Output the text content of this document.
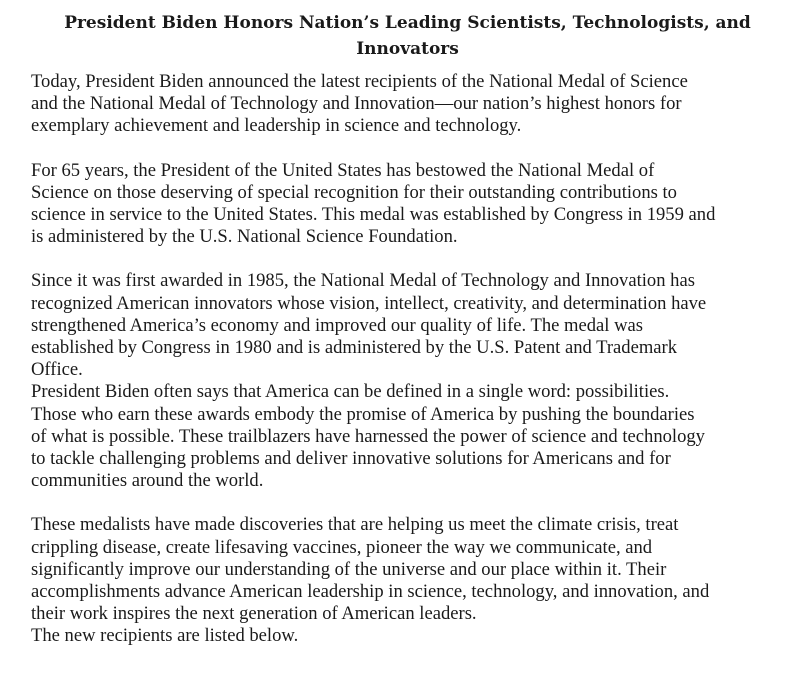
President Biden Honors Nation’s Leading Scientists, Technologists, and Innovators

Today, President Biden announced the latest recipients of the National Medal of Science
and the National Medal of Technology and Innovation—our nation’s highest honors for
exemplary achievement and leadership in science and technology.

For 65 years, the President of the United States has bestowed the National Medal of
Science on those deserving of special recognition for their outstanding contributions to
science in service to the United States. This medal was established by Congress in 1959 and
is administered by the U.S. National Science Foundation.

Since it was first awarded in 1985, the National Medal of Technology and Innovation has
recognized American innovators whose vision, intellect, creativity, and determination have
strengthened America’s economy and improved our quality of life. The medal was
established by Congress in 1980 and is administered by the U.S. Patent and Trademark
Office.

President Biden often says that America can be defined in a single word: possibilities.
Those who earn these awards embody the promise of America by pushing the boundaries
of what is possible. These trailblazers have harnessed the power of science and technology
to tackle challenging problems and deliver innovative solutions for Americans and for
communities around the world.

These medalists have made discoveries that are helping us meet the climate crisis, treat
crippling disease, create lifesaving vaccines, pioneer the way we communicate, and
significantly improve our understanding of the universe and our place within it. Their
accomplishments advance American leadership in science, technology, and innovation, and
their work inspires the next generation of American leaders.

The new recipients are listed below.
